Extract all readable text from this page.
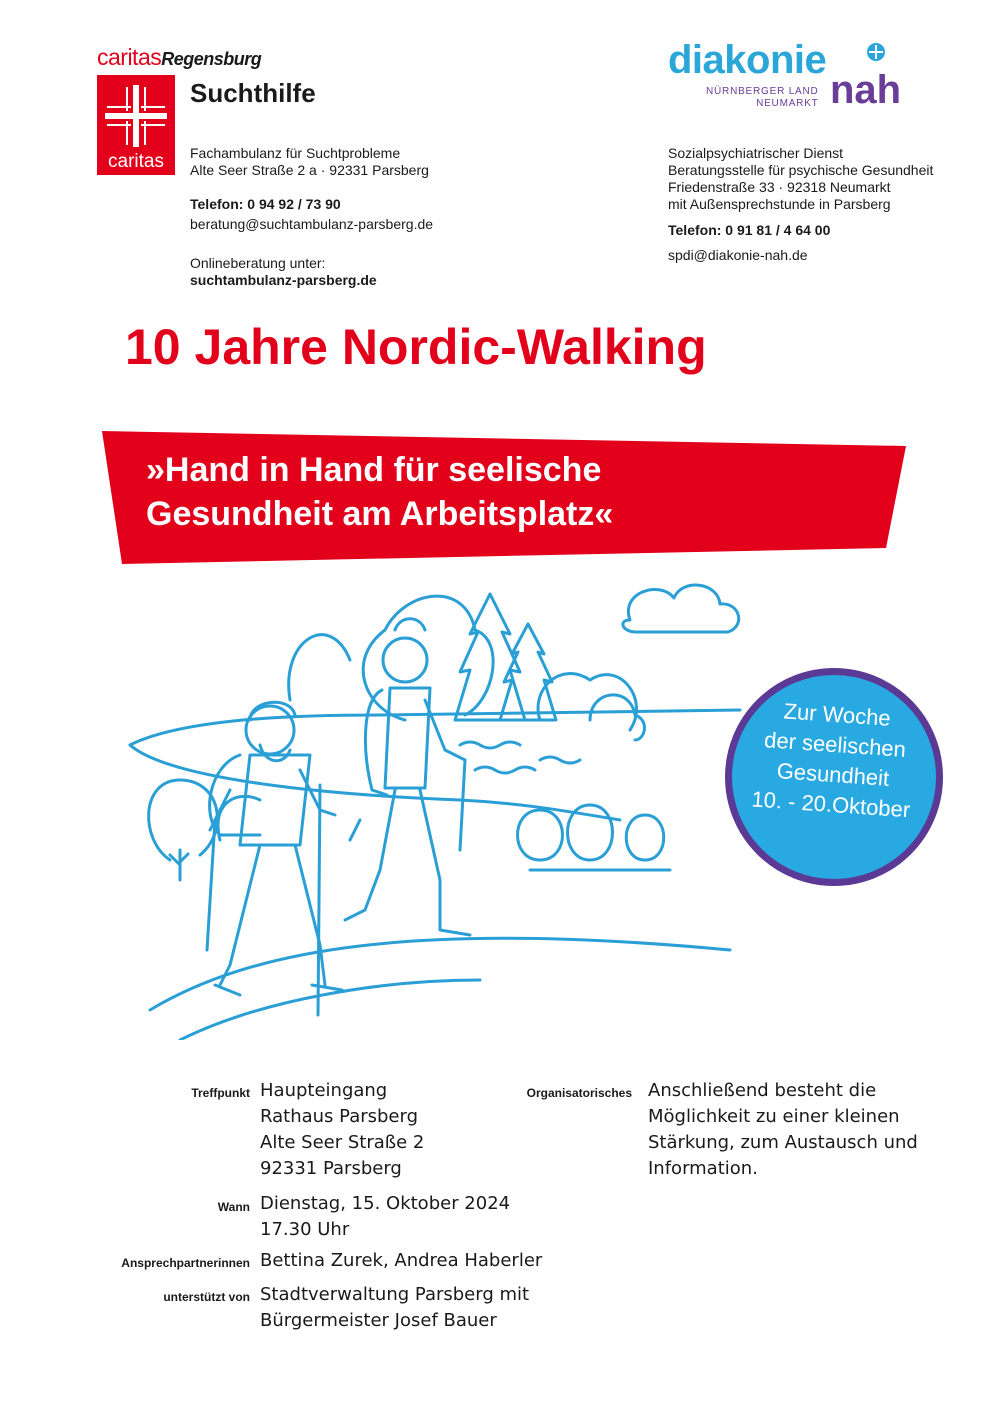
caritasRegensburg
caritas
Suchthilfe
Fachambulanz für Suchtprobleme
Alte Seer Straße 2 a · 92331 Parsberg
Telefon: 0 94 92 / 73 90
beratung@suchtambulanz-parsberg.de
Onlineberatung unter:
suchtambulanz-parsberg.de
diakonie
NÜRNBERGER LAND
NEUMARKT nah
Sozialpsychiatrischer Dienst
Beratungsstelle für psychische Gesundheit
Friedenstraße 33 · 92318 Neumarkt
mit Außensprechstunde in Parsberg
Telefon: 0 91 81 / 4 64 00
spdi@diakonie-nah.de
10 Jahre Nordic-Walking
»Hand in Hand für seelische
Gesundheit am Arbeitsplatz«
Zur Woche
der seelischen
Gesundheit
10. - 20.Oktober
Treffpunkt Haupteingang
Rathaus Parsberg
Alte Seer Straße 2
92331 Parsberg
Wann Dienstag, 15. Oktober 2024
17.30 Uhr
Ansprechpartnerinnen Bettina Zurek, Andrea Haberler
unterstützt von Stadtverwaltung Parsberg mit
Bürgermeister Josef Bauer
Organisatorisches Anschließend besteht die
Möglichkeit zu einer kleinen
Stärkung, zum Austausch und
Information.
